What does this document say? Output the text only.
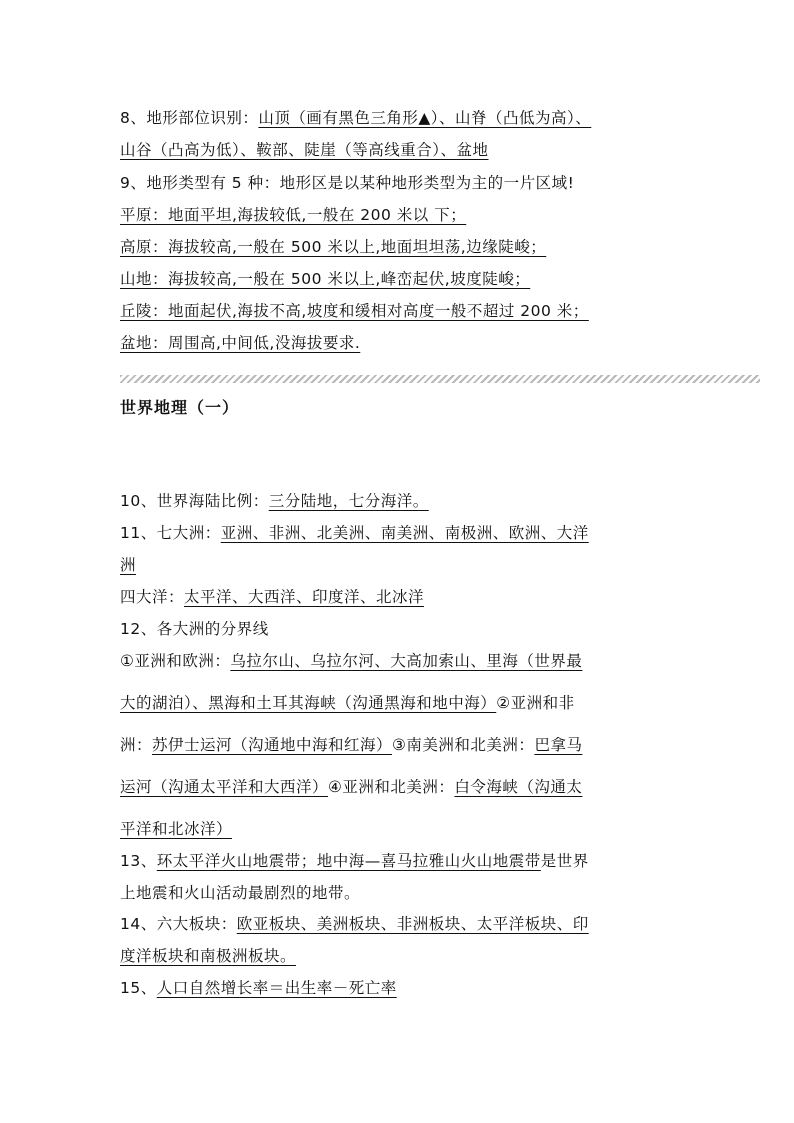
8、地形部位识别：山顶（画有黑色三角形▲）、山脊（凸低为高）、
山谷（凸高为低）、鞍部、陡崖（等高线重合）、盆地
9、地形类型有 5 种：地形区是以某种地形类型为主的一片区域!
平原：地面平坦,海拔较低,一般在 200 米以 下；
高原：海拔较高,一般在 500 米以上,地面坦坦荡,边缘陡峻；
山地：海拔较高,一般在 500 米以上,峰峦起伏,坡度陡峻；
丘陵：地面起伏,海拔不高,坡度和缓相对高度一般不超过 200 米；
盆地：周围高,中间低,没海拔要求.
世界地理（一）
10、世界海陆比例：三分陆地，七分海洋。
11、七大洲：亚洲、非洲、北美洲、南美洲、南极洲、欧洲、大洋
洲
四大洋：太平洋、大西洋、印度洋、北冰洋
12、各大洲的分界线
①亚洲和欧洲：乌拉尔山、乌拉尔河、大高加索山、里海（世界最
大的湖泊）、黑海和土耳其海峡（沟通黑海和地中海）②亚洲和非
洲：苏伊士运河（沟通地中海和红海）③南美洲和北美洲：巴拿马
运河（沟通太平洋和大西洋）④亚洲和北美洲：白令海峡（沟通太
平洋和北冰洋）
13、环太平洋火山地震带；地中海—喜马拉雅山火山地震带是世界
上地震和火山活动最剧烈的地带。
14、六大板块：欧亚板块、美洲板块、非洲板块、太平洋板块、印
度洋板块和南极洲板块。
15、人口自然增长率＝出生率－死亡率
